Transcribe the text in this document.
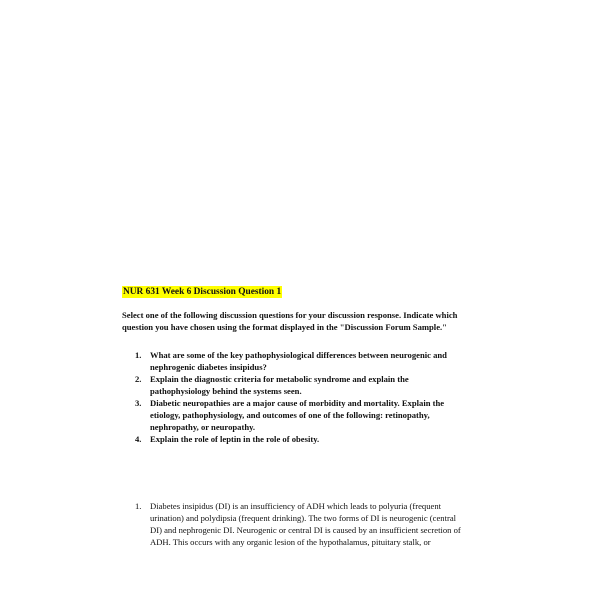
NUR 631 Week 6 Discussion Question 1

Select one of the following discussion questions for your discussion response. Indicate which question you have chosen using the format displayed in the "Discussion Forum Sample."

1. What are some of the key pathophysiological differences between neurogenic and nephrogenic diabetes insipidus?
2. Explain the diagnostic criteria for metabolic syndrome and explain the pathophysiology behind the systems seen.
3. Diabetic neuropathies are a major cause of morbidity and mortality. Explain the etiology, pathophysiology, and outcomes of one of the following: retinopathy, nephropathy, or neuropathy.
4. Explain the role of leptin in the role of obesity.
1. Diabetes insipidus (DI) is an insufficiency of ADH which leads to polyuria (frequent urination) and polydipsia (frequent drinking). The two forms of DI is neurogenic (central DI) and nephrogenic DI. Neurogenic or central DI is caused by an insufficient secretion of ADH. This occurs with any organic lesion of the hypothalamus, pituitary stalk, or
